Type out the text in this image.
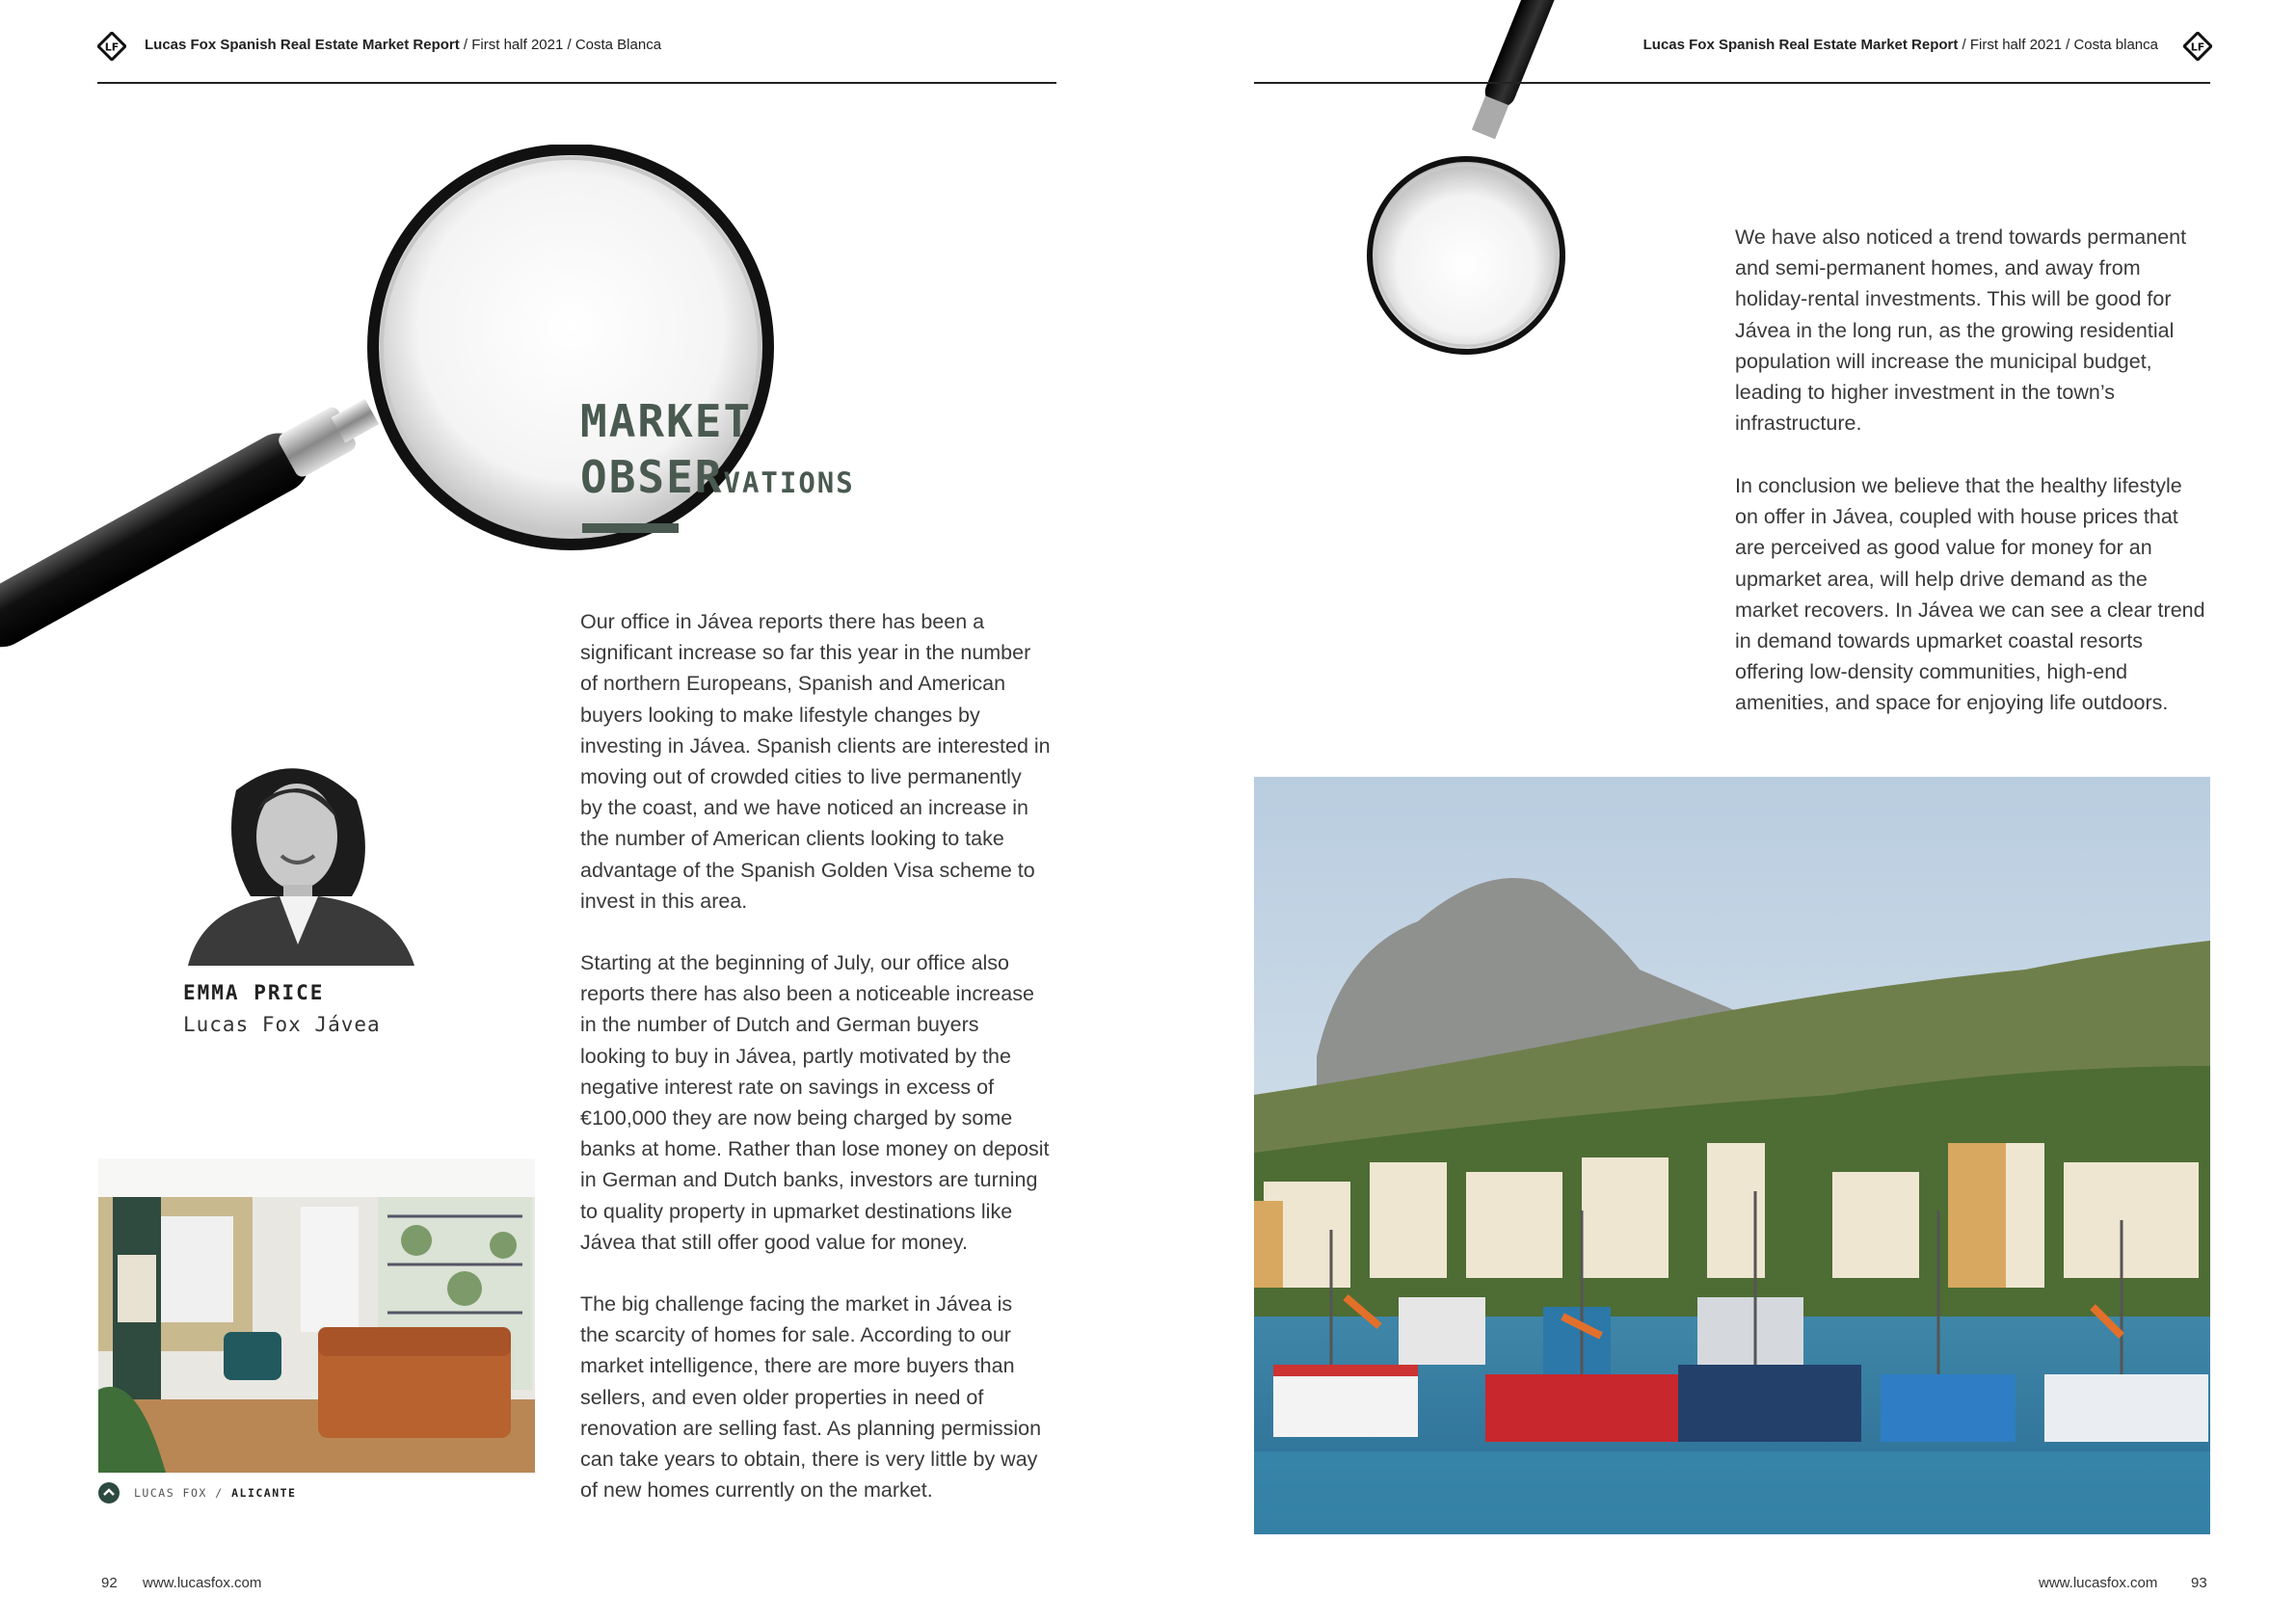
LF Lucas Fox Spanish Real Estate Market Report / First half 2021 / Costa Blanca
MARKET
OBSERVATIONS
Our office in Jávea reports there has been a
significant increase so far this year in the number
of northern Europeans, Spanish and American
buyers looking to make lifestyle changes by
investing in Jávea. Spanish clients are interested in
moving out of crowded cities to live permanently
by the coast, and we have noticed an increase in
the number of American clients looking to take
advantage of the Spanish Golden Visa scheme to
invest in this area.
Starting at the beginning of July, our office also
reports there has also been a noticeable increase
in the number of Dutch and German buyers
looking to buy in Jávea, partly motivated by the
negative interest rate on savings in excess of
€100,000 they are now being charged by some
banks at home. Rather than lose money on deposit
in German and Dutch banks, investors are turning
to quality property in upmarket destinations like
Jávea that still offer good value for money.
The big challenge facing the market in Jávea is
the scarcity of homes for sale. According to our
market intelligence, there are more buyers than
sellers, and even older properties in need of
renovation are selling fast. As planning permission
can take years to obtain, there is very little by way
of new homes currently on the market.
EMMA PRICE
Lucas Fox Jávea
LUCAS FOX / ALICANTE
92 www.lucasfox.com
Lucas Fox Spanish Real Estate Market Report / First half 2021 / Costa blanca	LF
We have also noticed a trend towards permanent
and semi-permanent homes, and away from
holiday-rental investments. This will be good for
Jávea in the long run, as the growing residential
population will increase the municipal budget,
leading to higher investment in the town’s
infrastructure.
In conclusion we believe that the healthy lifestyle
on offer in Jávea, coupled with house prices that
are perceived as good value for money for an
upmarket area, will help drive demand as the
market recovers. In Jávea we can see a clear trend
in demand towards upmarket coastal resorts
offering low-density communities, high-end
amenities, and space for enjoying life outdoors.
www.lucasfox.com 93
